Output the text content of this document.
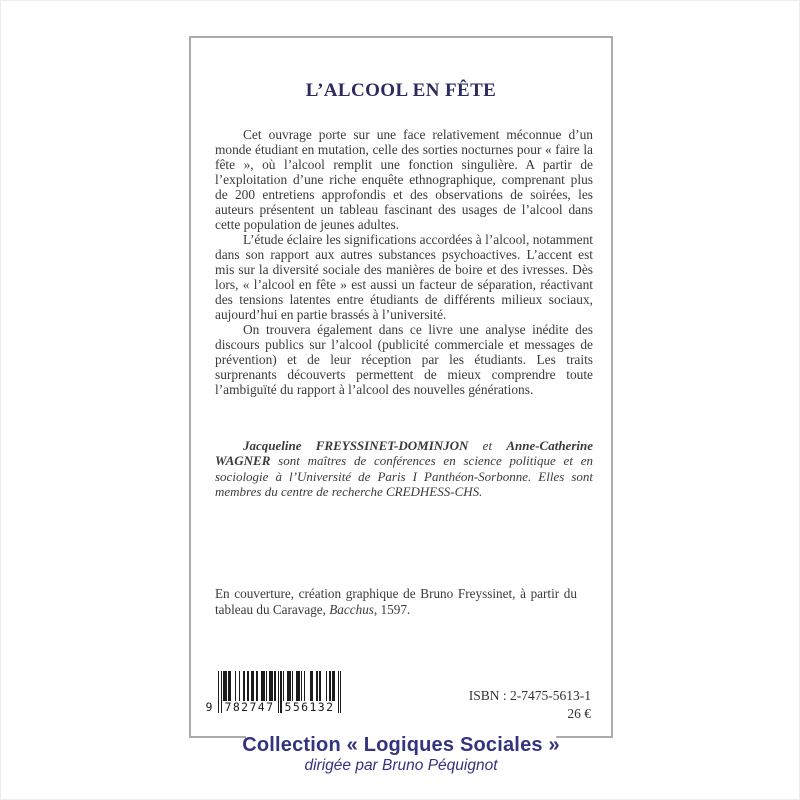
L’ALCOOL EN FÊTE

Cet ouvrage porte sur une face relativement méconnue d’un monde étudiant en mutation, celle des sorties nocturnes pour « faire la fête », où l’alcool remplit une fonction singulière. A partir de l’exploitation d’une riche enquête ethnographique, comprenant plus de 200 entretiens approfondis et des observations de soirées, les auteurs présentent un tableau fascinant des usages de l’alcool dans cette population de jeunes adultes.

L’étude éclaire les significations accordées à l’alcool, notamment dans son rapport aux autres substances psychoactives. L’accent est mis sur la diversité sociale des manières de boire et des ivresses. Dès lors, « l’alcool en fête » est aussi un facteur de séparation, réactivant des tensions latentes entre étudiants de différents milieux sociaux, aujourd’hui en partie brassés à l’université.

On trouvera également dans ce livre une analyse inédite des discours publics sur l’alcool (publicité commerciale et messages de prévention) et de leur réception par les étudiants. Les traits surprenants découverts permettent de mieux comprendre toute l’ambiguïté du rapport à l’alcool des nouvelles générations.

Jacqueline FREYSSINET-DOMINJON et Anne-Catherine WAGNER sont maîtres de conférences en science politique et en sociologie à l’Université de Paris I Panthéon-Sorbonne. Elles sont membres du centre de recherche CREDHESS-CHS.

En couverture, création graphique de Bruno Freyssinet, à partir du tableau du Caravage, Bacchus, 1597.

9 782747 556132
ISBN : 2-7475-5613-1
26 €
Collection « Logiques Sociales »
dirigée par Bruno Péquignot
